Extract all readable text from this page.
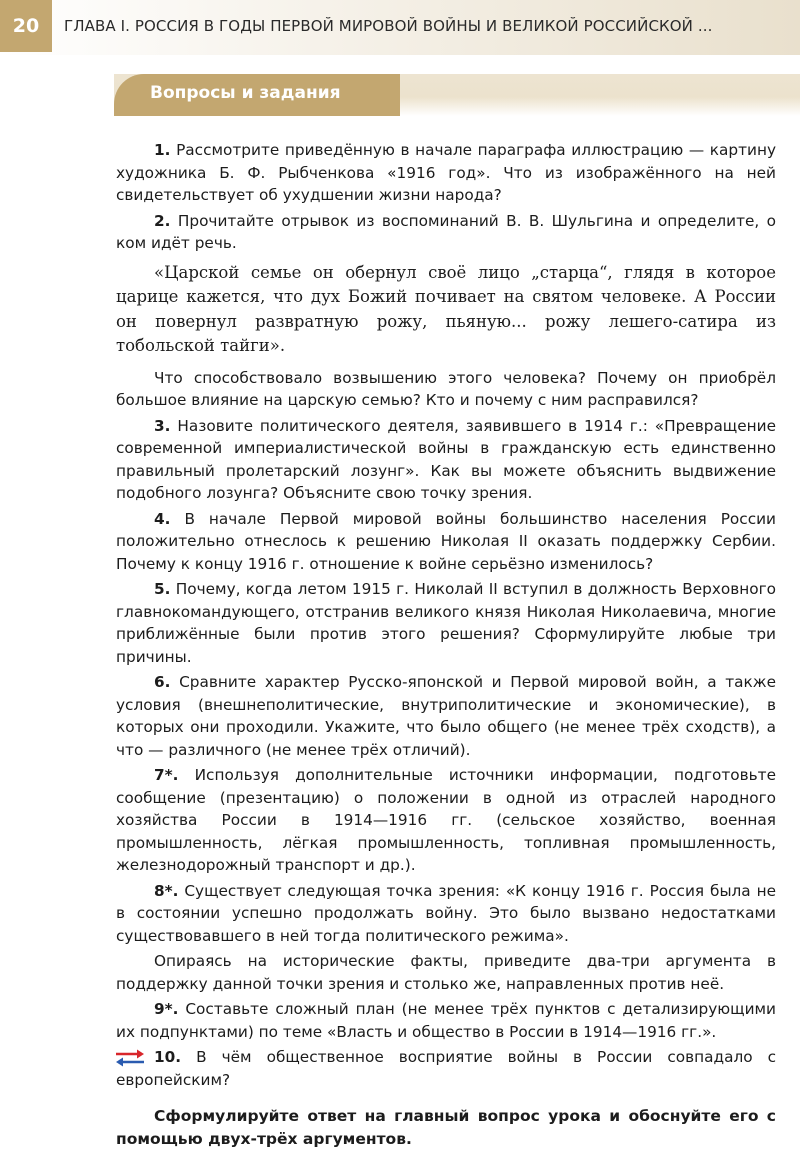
20	ГЛАВА I. РОССИЯ В ГОДЫ ПЕРВОЙ МИРОВОЙ ВОЙНЫ И ВЕЛИКОЙ РОССИЙСКОЙ ...
Вопросы и задания

1. Рассмотрите приведённую в начале параграфа иллюстрацию — картину художника Б. Ф. Рыбченкова «1916 год». Что из изображённого на ней свидетельствует об ухудшении жизни народа?

2. Прочитайте отрывок из воспоминаний В. В. Шульгина и определите, о ком идёт речь.

«Царской семье он обернул своё лицо „старца“, глядя в которое царице кажется, что дух Божий почивает на святом человеке. А России он повернул развратную рожу, пьяную... рожу лешего-сатира из тобольской тайги».

Что способствовало возвышению этого человека? Почему он приобрёл большое влияние на царскую семью? Кто и почему с ним расправился?

3. Назовите политического деятеля, заявившего в 1914 г.: «Превращение современной империалистической войны в гражданскую есть единственно правильный пролетарский лозунг». Как вы можете объяснить выдвижение подобного лозунга? Объясните свою точку зрения.

4. В начале Первой мировой войны большинство населения России положительно отнеслось к решению Николая II оказать поддержку Сербии. Почему к концу 1916 г. отношение к войне серьёзно изменилось?

5. Почему, когда летом 1915 г. Николай II вступил в должность Верховного главнокомандующего, отстранив великого князя Николая Николаевича, многие приближённые были против этого решения? Сформулируйте любые три причины.

6. Сравните характер Русско-японской и Первой мировой войн, а также условия (внешнеполитические, внутриполитические и экономические), в которых они проходили. Укажите, что было общего (не менее трёх сходств), а что — различного (не менее трёх отличий).

7*. Используя дополнительные источники информации, подготовьте сообщение (презентацию) о положении в одной из отраслей народного хозяйства России в 1914—1916 гг. (сельское хозяйство, военная промышленность, лёгкая промышленность, топливная промышленность, железнодорожный транспорт и др.).

8*. Существует следующая точка зрения: «К концу 1916 г. Россия была не в состоянии успешно продолжать войну. Это было вызвано недостатками существовавшего в ней тогда политического режима».

Опираясь на исторические факты, приведите два-три аргумента в поддержку данной точки зрения и столько же, направленных против неё.

9*. Составьте сложный план (не менее трёх пунктов с детализирующими их подпунктами) по теме «Власть и общество в России в 1914—1916 гг.».

10. В чём общественное восприятие войны в России совпадало с европейским?

Сформулируйте ответ на главный вопрос урока и обоснуйте его с помощью двух-трёх аргументов.
